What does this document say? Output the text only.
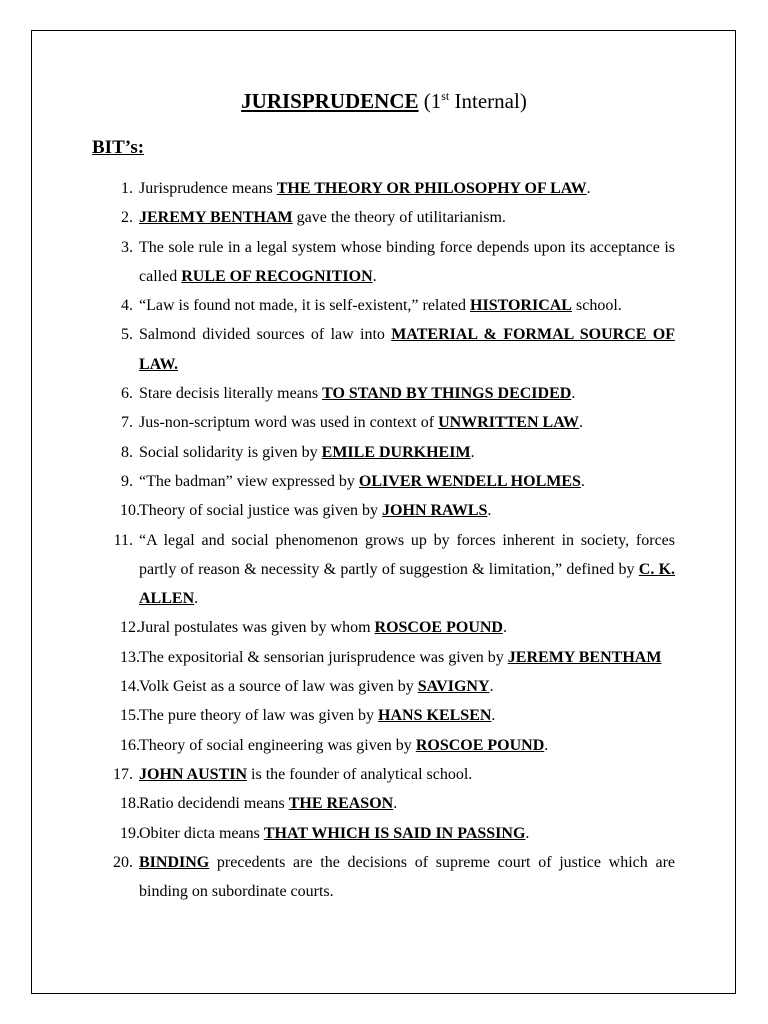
JURISPRUDENCE (1st Internal)
BIT’s:
1. Jurisprudence means THE THEORY OR PHILOSOPHY OF LAW.
2. JEREMY BENTHAM gave the theory of utilitarianism.
3. The sole rule in a legal system whose binding force depends upon its acceptance is called RULE OF RECOGNITION.
4. “Law is found not made, it is self-existent,” related HISTORICAL school.
5. Salmond divided sources of law into MATERIAL & FORMAL SOURCE OF LAW.
6. Stare decisis literally means TO STAND BY THINGS DECIDED.
7. Jus-non-scriptum word was used in context of UNWRITTEN LAW.
8. Social solidarity is given by EMILE DURKHEIM.
9. “The badman” view expressed by OLIVER WENDELL HOLMES.
10. Theory of social justice was given by JOHN RAWLS.
11. “A legal and social phenomenon grows up by forces inherent in society, forces partly of reason & necessity & partly of suggestion & limitation,” defined by C. K. ALLEN.
12. Jural postulates was given by whom ROSCOE POUND.
13. The expositorial & sensorian jurisprudence was given by JEREMY BENTHAM
14. Volk Geist as a source of law was given by SAVIGNY.
15. The pure theory of law was given by HANS KELSEN.
16. Theory of social engineering was given by ROSCOE POUND.
17. JOHN AUSTIN is the founder of analytical school.
18. Ratio decidendi means THE REASON.
19. Obiter dicta means THAT WHICH IS SAID IN PASSING.
20. BINDING precedents are the decisions of supreme court of justice which are binding on subordinate courts.
